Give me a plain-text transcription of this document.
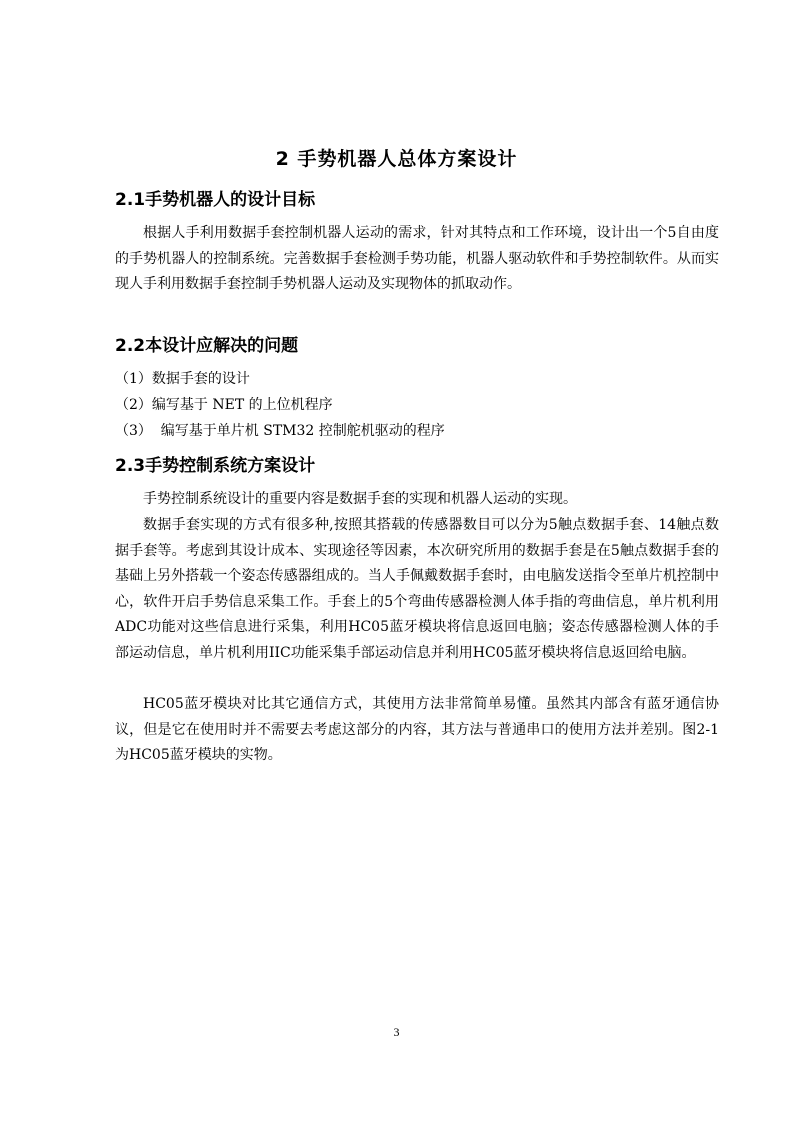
2 手势机器人总体方案设计
2.1手势机器人的设计目标

根据人手利用数据手套控制机器人运动的需求，针对其特点和工作环境，设计出一个5自由度的手势机器人的控制系统。完善数据手套检测手势功能，机器人驱动软件和手势控制软件。从而实现人手利用数据手套控制手势机器人运动及实现物体的抓取动作。

2.2本设计应解决的问题
（1）数据手套的设计
（2）编写基于 NET 的上位机程序
（3）  编写基于单片机 STM32 控制舵机驱动的程序
2.3手势控制系统方案设计

手势控制系统设计的重要内容是数据手套的实现和机器人运动的实现。

数据手套实现的方式有很多种,按照其搭载的传感器数目可以分为5触点数据手套、14触点数据手套等。考虑到其设计成本、实现途径等因素，本次研究所用的数据手套是在5触点数据手套的基础上另外搭载一个姿态传感器组成的。当人手佩戴数据手套时，由电脑发送指令至单片机控制中心，软件开启手势信息采集工作。手套上的5个弯曲传感器检测人体手指的弯曲信息，单片机利用ADC功能对这些信息进行采集，利用HC05蓝牙模块将信息返回电脑；姿态传感器检测人体的手部运动信息，单片机利用IIC功能采集手部运动信息并利用HC05蓝牙模块将信息返回给电脑。

HC05蓝牙模块对比其它通信方式，其使用方法非常简单易懂。虽然其内部含有蓝牙通信协议，但是它在使用时并不需要去考虑这部分的内容，其方法与普通串口的使用方法并差别。图2-1为HC05蓝牙模块的实物。

3
